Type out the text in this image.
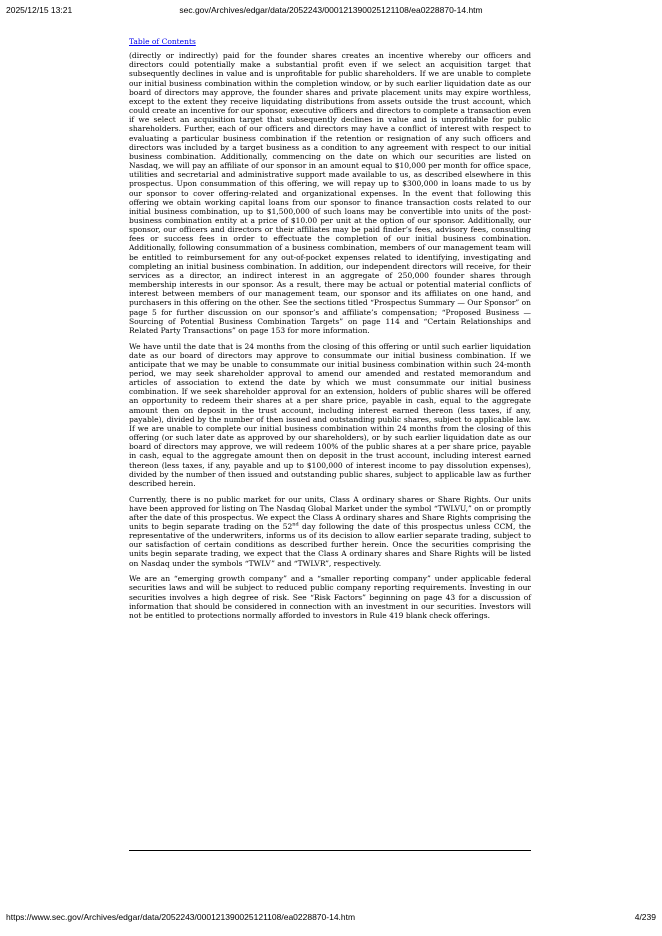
2025/12/15 13:21	sec.gov/Archives/edgar/data/2052243/000121390025121108/ea0228870-14.htm
Table of Contents

(directly or indirectly) paid for the founder shares creates an incentive whereby our officers and directors could potentially make a substantial profit even if we select an acquisition target that subsequently declines in value and is unprofitable for public shareholders. If we are unable to complete our initial business combination within the completion window, or by such earlier liquidation date as our board of directors may approve, the founder shares and private placement units may expire worthless, except to the extent they receive liquidating distributions from assets outside the trust account, which could create an incentive for our sponsor, executive officers and directors to complete a transaction even if we select an acquisition target that subsequently declines in value and is unprofitable for public shareholders. Further, each of our officers and directors may have a conflict of interest with respect to evaluating a particular business combination if the retention or resignation of any such officers and directors was included by a target business as a condition to any agreement with respect to our initial business combination. Additionally, commencing on the date on which our securities are listed on Nasdaq, we will pay an affiliate of our sponsor in an amount equal to $10,000 per month for office space, utilities and secretarial and administrative support made available to us, as described elsewhere in this prospectus. Upon consummation of this offering, we will repay up to $300,000 in loans made to us by our sponsor to cover offering-related and organizational expenses. In the event that following this offering we obtain working capital loans from our sponsor to finance transaction costs related to our initial business combination, up to $1,500,000 of such loans may be convertible into units of the post-business combination entity at a price of $10.00 per unit at the option of our sponsor. Additionally, our sponsor, our officers and directors or their affiliates may be paid finder’s fees, advisory fees, consulting fees or success fees in order to effectuate the completion of our initial business combination. Additionally, following consummation of a business combination, members of our management team will be entitled to reimbursement for any out-of-pocket expenses related to identifying, investigating and completing an initial business combination. In addition, our independent directors will receive, for their services as a director, an indirect interest in an aggregate of 250,000 founder shares through membership interests in our sponsor. As a result, there may be actual or potential material conflicts of interest between members of our management team, our sponsor and its affiliates on one hand, and purchasers in this offering on the other. See the sections titled “Prospectus Summary — Our Sponsor” on page 5 for further discussion on our sponsor’s and affiliate’s compensation; “Proposed Business — Sourcing of Potential Business Combination Targets” on page 114 and “Certain Relationships and Related Party Transactions” on page 153 for more information.

We have until the date that is 24 months from the closing of this offering or until such earlier liquidation date as our board of directors may approve to consummate our initial business combination. If we anticipate that we may be unable to consummate our initial business combination within such 24-month period, we may seek shareholder approval to amend our amended and restated memorandum and articles of association to extend the date by which we must consummate our initial business combination. If we seek shareholder approval for an extension, holders of public shares will be offered an opportunity to redeem their shares at a per share price, payable in cash, equal to the aggregate amount then on deposit in the trust account, including interest earned thereon (less taxes, if any, payable), divided by the number of then issued and outstanding public shares, subject to applicable law. If we are unable to complete our initial business combination within 24 months from the closing of this offering (or such later date as approved by our shareholders), or by such earlier liquidation date as our board of directors may approve, we will redeem 100% of the public shares at a per share price, payable in cash, equal to the aggregate amount then on deposit in the trust account, including interest earned thereon (less taxes, if any, payable and up to $100,000 of interest income to pay dissolution expenses), divided by the number of then issued and outstanding public shares, subject to applicable law as further described herein.

Currently, there is no public market for our units, Class A ordinary shares or Share Rights. Our units have been approved for listing on The Nasdaq Global Market under the symbol “TWLVU,” on or promptly after the date of this prospectus. We expect the Class A ordinary shares and Share Rights comprising the units to begin separate trading on the 52nd day following the date of this prospectus unless CCM, the representative of the underwriters, informs us of its decision to allow earlier separate trading, subject to our satisfaction of certain conditions as described further herein. Once the securities comprising the units begin separate trading, we expect that the Class A ordinary shares and Share Rights will be listed on Nasdaq under the symbols “TWLV” and “TWLVR”, respectively.

We are an “emerging growth company” and a “smaller reporting company” under applicable federal securities laws and will be subject to reduced public company reporting requirements. Investing in our securities involves a high degree of risk. See “Risk Factors” beginning on page 43 for a discussion of information that should be considered in connection with an investment in our securities. Investors will not be entitled to protections normally afforded to investors in Rule 419 blank check offerings.

https://www.sec.gov/Archives/edgar/data/2052243/000121390025121108/ea0228870-14.htm	4/239
